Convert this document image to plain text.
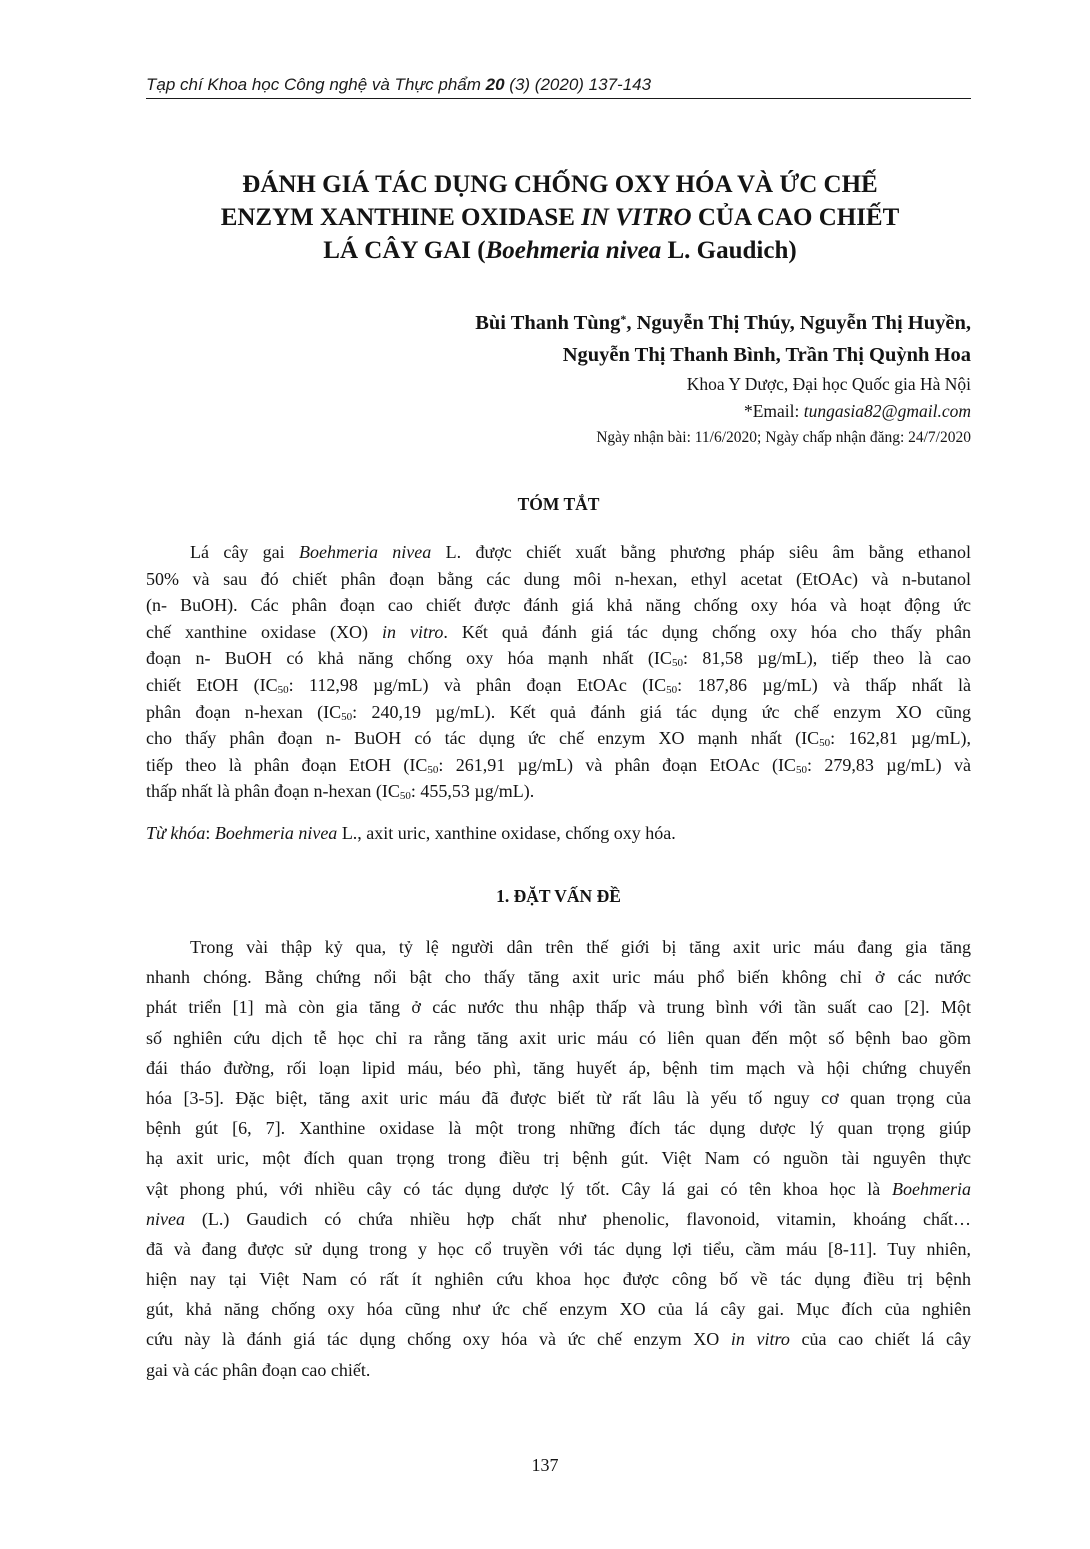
Tạp chí Khoa học Công nghệ và Thực phẩm 20 (3) (2020) 137-143
ĐÁNH GIÁ TÁC DỤNG CHỐNG OXY HÓA VÀ ỨC CHẾ
ENZYM XANTHINE OXIDASE IN VITRO CỦA CAO CHIẾT
LÁ CÂY GAI (Boehmeria nivea L. Gaudich)
Bùi Thanh Tùng*, Nguyễn Thị Thúy, Nguyễn Thị Huyền,
Nguyễn Thị Thanh Bình, Trần Thị Quỳnh Hoa
Khoa Y Dược, Đại học Quốc gia Hà Nội
*Email: tungasia82@gmail.com
Ngày nhận bài: 11/6/2020; Ngày chấp nhận đăng: 24/7/2020
TÓM TẮT
Lá cây gai Boehmeria nivea L. được chiết xuất bằng phương pháp siêu âm bằng ethanol
50% và sau đó chiết phân đoạn bằng các dung môi n-hexan, ethyl acetat (EtOAc) và n-butanol
(n- BuOH). Các phân đoạn cao chiết được đánh giá khả năng chống oxy hóa và hoạt động ức
chế xanthine oxidase (XO) in vitro. Kết quả đánh giá tác dụng chống oxy hóa cho thấy phân
đoạn n- BuOH có khả năng chống oxy hóa mạnh nhất ($IC_{50}$: 81,58 µg/mL), tiếp theo là cao
chiết EtOH ($IC_{50}$: 112,98 µg/mL) và phân đoạn EtOAc ($IC_{50}$: 187,86 µg/mL) và thấp nhất là
phân đoạn n-hexan ($IC_{50}$: 240,19 µg/mL). Kết quả đánh giá tác dụng ức chế enzym XO cũng
cho thấy phân đoạn n- BuOH có tác dụng ức chế enzym XO mạnh nhất ($IC_{50}$: 162,81 µg/mL),
tiếp theo là phân đoạn EtOH ($IC_{50}$: 261,91 µg/mL) và phân đoạn EtOAc ($IC_{50}$: 279,83 µg/mL) và
thấp nhất là phân đoạn n-hexan ($IC_{50}$: 455,53 µg/mL).
Từ khóa: Boehmeria nivea L., axit uric, xanthine oxidase, chống oxy hóa.
1. ĐẶT VẤN ĐỀ
Trong vài thập kỷ qua, tỷ lệ người dân trên thế giới bị tăng axit uric máu đang gia tăng
nhanh chóng. Bằng chứng nổi bật cho thấy tăng axit uric máu phổ biến không chỉ ở các nước
phát triển [1] mà còn gia tăng ở các nước thu nhập thấp và trung bình với tần suất cao [2]. Một
số nghiên cứu dịch tễ học chỉ ra rằng tăng axit uric máu có liên quan đến một số bệnh bao gồm
đái tháo đường, rối loạn lipid máu, béo phì, tăng huyết áp, bệnh tim mạch và hội chứng chuyển
hóa [3-5]. Đặc biệt, tăng axit uric máu đã được biết từ rất lâu là yếu tố nguy cơ quan trọng của
bệnh gút [6, 7]. Xanthine oxidase là một trong những đích tác dụng dược lý quan trọng giúp
hạ axit uric, một đích quan trọng trong điều trị bệnh gút. Việt Nam có nguồn tài nguyên thực
vật phong phú, với nhiều cây có tác dụng dược lý tốt. Cây lá gai có tên khoa học là Boehmeria
nivea (L.) Gaudich có chứa nhiều hợp chất như phenolic, flavonoid, vitamin, khoáng chất…
đã và đang được sử dụng trong y học cổ truyền với tác dụng lợi tiểu, cầm máu [8-11]. Tuy nhiên,
hiện nay tại Việt Nam có rất ít nghiên cứu khoa học được công bố về tác dụng điều trị bệnh
gút, khả năng chống oxy hóa cũng như ức chế enzym XO của lá cây gai. Mục đích của nghiên
cứu này là đánh giá tác dụng chống oxy hóa và ức chế enzym XO in vitro của cao chiết lá cây
gai và các phân đoạn cao chiết.
137
